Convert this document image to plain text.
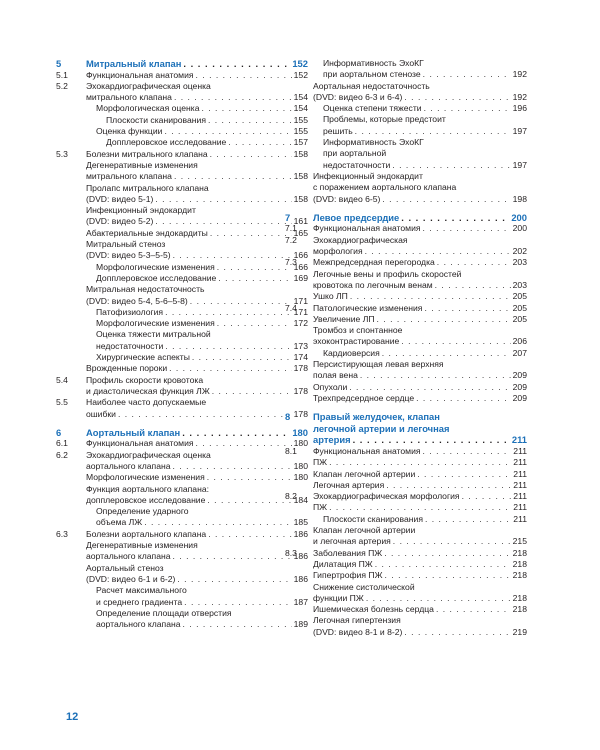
5	Митральный клапан . . .	152
5.1 Функциональная анатомия . . .	152
5.2 Эхокардиографическая оценка
митрального клапана . . .	154
Морфологическая оценка . . .	154
Плоскости сканирования . . .	155
Оценка функции . . .	155
Допплеровское исследование . . .	157
5.3 Болезни митрального клапана . . .	158
Дегенеративные изменения
митрального клапана . . .	158
Пролапс митрального клапана
(DVD: видео 5-1) . . .	158
Инфекционный эндокардит
(DVD: видео 5-2) . . .	161
Абактериальные эндокардиты . . .	165
Митральный стеноз
(DVD: видео 5-3–5-5) . . .	166
Морфологические изменения . . .	166
Допплеровское исследование . . .	169
Митральная недостаточность
(DVD: видео 5-4, 5-6–5-8) . . .	171
Патофизиология . . .	171
Морфологические изменения . . .	172
Оценка тяжести митральной
недостаточности . . .	173
Хирургические аспекты . . .	174
Врожденные пороки . . .	178
5.4 Профиль скорости кровотока
и диастолическая функция ЛЖ . . .	178
5.5 Наиболее часто допускаемые
ошибки . . .	178
6	Аортальный клапан . . .	180
6.1 Функциональная анатомия . . .	180
6.2 Эхокардиографическая оценка
аортального клапана . . .	180
Морфологические изменения . . .	180
Функция аортального клапана:
допплеровское исследование . . .	184
Определение ударного
объема ЛЖ . . .	185
6.3 Болезни аортального клапана . . .	186
Дегенеративные изменения
аортального клапана . . .	186
Аортальный стеноз
(DVD: видео 6-1 и 6-2) . . .	186
Расчет максимального
и среднего градиента . . .	187
Определение площади отверстия
аортального клапана . . .	189
Информативность ЭхоКГ
при аортальном стенозе . . .	192
Аортальная недостаточность
(DVD: видео 6-3 и 6-4) . . .	192
Оценка степени тяжести . . .	196
Проблемы, которые предстоит
решить . . .	197
Информативность ЭхоКГ
при аортальной
недостаточности . . .	197
Инфекционный эндокардит
с поражением аортального клапана
(DVD: видео 6-5) . . .	198
7 Левое предсердие . . .	200
7.1 Функциональная анатомия . . .	200
7.2 Эхокардиографическая
морфология . . .	202
7.3 Межпредсердная перегородка . . .	203
Легочные вены и профиль скоростей
кровотока по легочным венам . . .	203
Ушко ЛП . . .	205
7.4 Патологические изменения . . .	205
Увеличение ЛП . . .	205
Тромбоз и спонтанное
эхоконтрастирование . . .	206
Кардиоверсия . . .	207
Персистирующая левая верхняя
полая вена . . .	209
Опухоли . . .	209
Трехпредсердное сердце . . .	209
8 Правый желудочек, клапан
легочной артерии и легочная
артерия . . .	211
8.1 Функциональная анатомия . . .	211
ПЖ . . .	211
Клапан легочной артерии . . .	211
Легочная артерия . . .	211
8.2 Эхокардиографическая морфология . . .	211
ПЖ . . .	211
Плоскости сканирования . . .	211
Клапан легочной артерии
и легочная артерия . . .	215
8.3 Заболевания ПЖ . . .	218
Дилатация ПЖ . . .	218
Гипертрофия ПЖ . . .	218
Снижение систолической
функции ПЖ . . .	218
Ишемическая болезнь сердца . . .	218
Легочная гипертензия
(DVD: видео 8-1 и 8-2) . . .	219
12
